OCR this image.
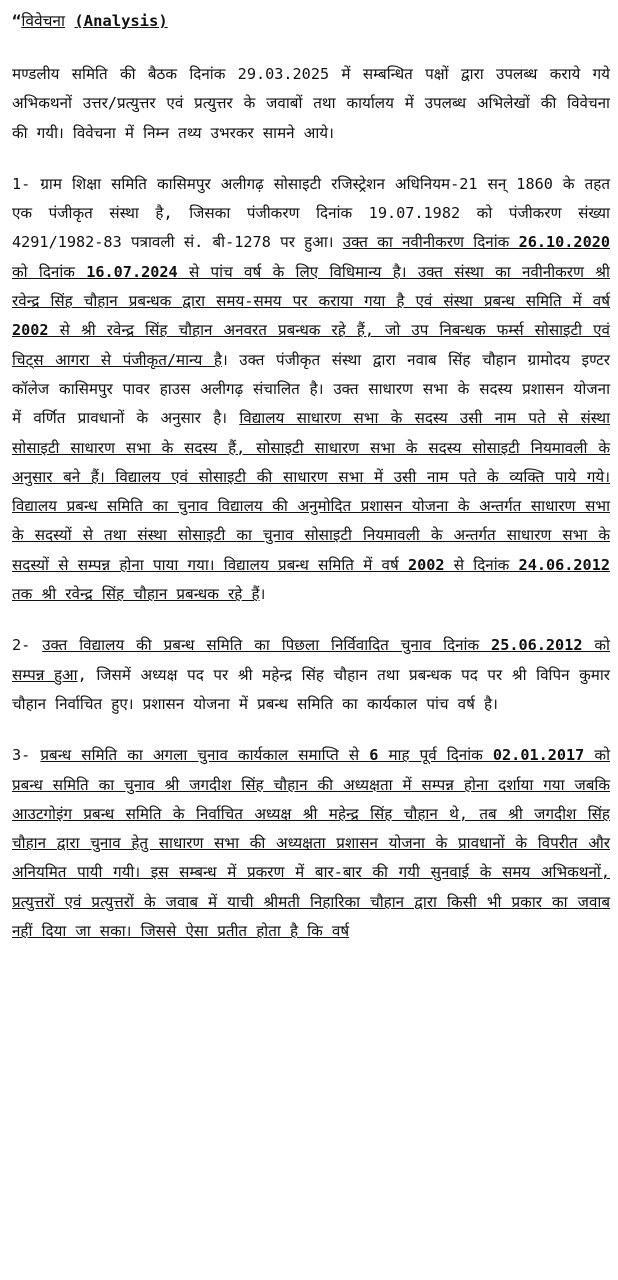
“विवेचना (Analysis)

मण्डलीय समिति की बैठक दिनांक 29.03.2025 में सम्बन्धित पक्षों द्वारा उपलब्ध कराये गये अभिकथनों उत्तर/प्रत्युत्तर एवं प्रत्युत्तर के जवाबों तथा कार्यालय में उपलब्ध अभिलेखों की विवेचना की गयी। विवेचना में निम्न तथ्य उभरकर सामने आये।

1- ग्राम शिक्षा समिति कासिमपुर अलीगढ़ सोसाइटी रजिस्ट्रेशन अधिनियम-21 सन् 1860 के तहत एक पंजीकृत संस्था है, जिसका पंजीकरण दिनांक 19.07.1982 को पंजीकरण संख्या 4291/1982-83 पत्रावली सं. बी-1278 पर हुआ। उक्त का नवीनीकरण दिनांक 26.10.2020 को दिनांक 16.07.2024 से पांच वर्ष के लिए विधिमान्य है। उक्त संस्था का नवीनीकरण श्री रवेन्द्र सिंह चौहान प्रबन्धक द्वारा समय-समय पर कराया गया है एवं संस्था प्रबन्ध समिति में वर्ष 2002 से श्री रवेन्द्र सिंह चौहान अनवरत प्रबन्धक रहे हैं, जो उप निबन्धक फर्म्स सोसाइटी एवं चिट्स आगरा से पंजीकृत/मान्य है। उक्त पंजीकृत संस्था द्वारा नवाब सिंह चौहान ग्रामोदय इण्टर कॉलेज कासिमपुर पावर हाउस अलीगढ़ संचालित है। उक्त साधारण सभा के सदस्य प्रशासन योजना में वर्णित प्रावधानों के अनुसार है। विद्यालय साधारण सभा के सदस्य उसी नाम पते से संस्था सोसाइटी साधारण सभा के सदस्य हैं, सोसाइटी साधारण सभा के सदस्य सोसाइटी नियमावली के अनुसार बने हैं। विद्यालय एवं सोसाइटी की साधारण सभा में उसी नाम पते के व्यक्ति पाये गये। विद्यालय प्रबन्ध समिति का चुनाव विद्यालय की अनुमोदित प्रशासन योजना के अन्तर्गत साधारण सभा के सदस्यों से तथा संस्था सोसाइटी का चुनाव सोसाइटी नियमावली के अन्तर्गत साधारण सभा के सदस्यों से सम्पन्न होना पाया गया। विद्यालय प्रबन्ध समिति में वर्ष 2002 से दिनांक 24.06.2012 तक श्री रवेन्द्र सिंह चौहान प्रबन्धक रहे हैं।

2- उक्त विद्यालय की प्रबन्ध समिति का पिछला निर्विवादित चुनाव दिनांक 25.06.2012 को सम्पन्न हुआ, जिसमें अध्यक्ष पद पर श्री महेन्द्र सिंह चौहान तथा प्रबन्धक पद पर श्री विपिन कुमार चौहान निर्वाचित हुए। प्रशासन योजना में प्रबन्ध समिति का कार्यकाल पांच वर्ष है।

3- प्रबन्ध समिति का अगला चुनाव कार्यकाल समाप्ति से 6 माह पूर्व दिनांक 02.01.2017 को प्रबन्ध समिति का चुनाव श्री जगदीश सिंह चौहान की अध्यक्षता में सम्पन्न होना दर्शाया गया जबकि आउटगोइंग प्रबन्ध समिति के निर्वाचित अध्यक्ष श्री महेन्द्र सिंह चौहान थे, तब श्री जगदीश सिंह चौहान द्वारा चुनाव हेतु साधारण सभा की अध्यक्षता प्रशासन योजना के प्रावधानों के विपरीत और अनियमित पायी गयी। इस सम्बन्ध में प्रकरण में बार-बार की गयी सुनवाई के समय अभिकथनों, प्रत्युत्तरों एवं प्रत्युत्तरों के जवाब में याची श्रीमती निहारिका चौहान द्वारा किसी भी प्रकार का जवाब नहीं दिया जा सका। जिससे ऐसा प्रतीत होता है कि वर्ष
